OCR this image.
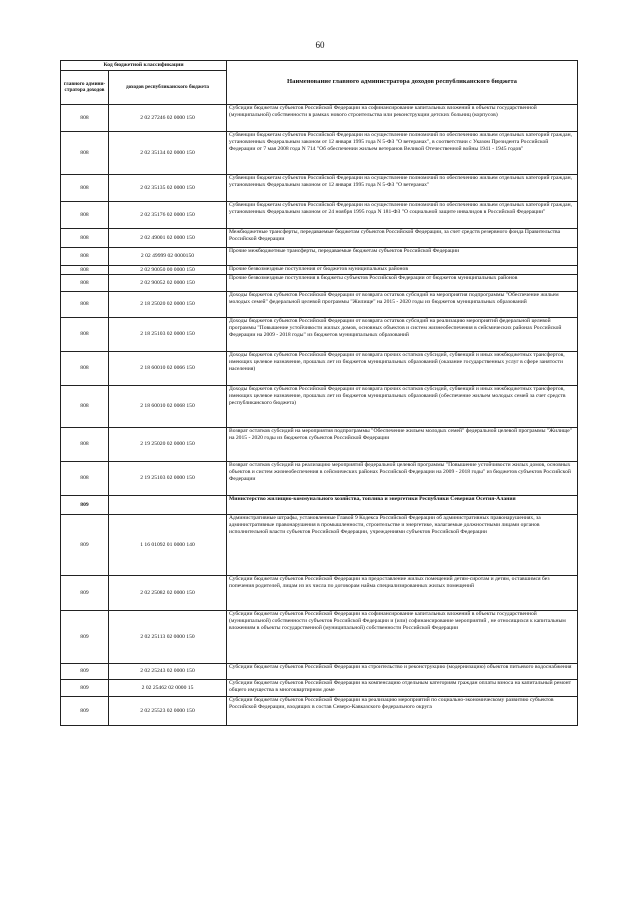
60
Код бюджетной классификации		Наименование главного администратора доходов республиканского бюджета
главного админи-стратора доходов	доходов республиканского бюджета	
808	2 02 27246 02 0000 150	Субсидии бюджетам субъектов Российской Федерации на софинансирование капитальных вложений в объекты государственной (муниципальной) собственности в рамках нового строительства или реконструкции детских больниц (корпусов)
808	2 02 35134 02 0000 150	Субвенции бюджетам субъектов Российской Федерации на осуществление полномочий по обеспечению жильем отдельных категорий граждан, установленных Федеральным законом от 12 января 1995 года N 5-ФЗ "О ветеранах", в соответствии с Указом Президента Российской Федерации от 7 мая 2008 года N 714 "Об обеспечении жильем ветеранов Великой Отечественной войны 1941 - 1945 годов"
808	2 02 35135 02 0000 150	Субвенции бюджетам субъектов Российской Федерации на осуществление полномочий по обеспечению жильем отдельных категорий граждан, установленных Федеральным законом от 12 января 1995 года N 5-ФЗ "О ветеранах"
808	2 02 35176 02 0000 150	Субвенции бюджетам субъектов Российской Федерации на осуществление полномочий по обеспечению жильем отдельных категорий граждан, установленных Федеральным законом от 24 ноября 1995 года N 181-ФЗ "О социальной защите инвалидов в Российской Федерации"
808	2 02 49001 02 0000 150	Межбюджетные трансферты, передаваемые бюджетам субъектов Российской Федерации, за счет средств резервного фонда Правительства Российской Федерации
808	2 02 49999 02 0000150	Прочие межбюджетные трансферты, передаваемые бюджетам субъектов Российской Федерации
808	2 02 90050 00 0000 150	Прочие безвозмездные поступления от бюджетов муниципальных районов
808	2 02 90052 02 0000 150	Прочие безвозмездные поступления в бюджеты субъектов Российской Федерации от бюджетов муниципальных районов
808	2 18 25020 02 0000 150	Доходы бюджетов субъектов Российской Федерации от возврата остатков субсидий на мероприятия подпрограммы "Обеспечение жильем молодых семей" федеральной целевой программы "Жилище" на 2015 - 2020 годы из бюджетов муниципальных образований
808	2 18 25103 02 0000 150	Доходы бюджетов субъектов Российской Федерации от возврата остатков субсидий на реализацию мероприятий федеральной целевой программы "Повышение устойчивости жилых домов, основных объектов и систем жизнеобеспечения в сейсмических районах Российской Федерации на 2009 - 2018 годы" из бюджетов муниципальных образований
808	2 18 60010 02 0066 150	Доходы бюджетов субъектов Российской Федерации от возврата прочих остатков субсидий, субвенций и иных межбюджетных трансфертов, имеющих целевое назначение, прошлых лет из бюджетов муниципальных образований (оказание государственных услуг в сфере занятости населения)
808	2 18 60010 02 0068 150	Доходы бюджетов субъектов Российской Федерации от возврата прочих остатков субсидий, субвенций и иных межбюджетных трансфертов, имеющих целевое назначение, прошлых лет из бюджетов муниципальных образований (обеспечение жильем молодых семей за счет средств республиканского бюджета)
808	2 19 25020 02 0000 150	Возврат остатков субсидий на мероприятия подпрограммы "Обеспечение жильем молодых семей" федеральной целевой программы "Жилище" на 2015 - 2020 годы из бюджетов субъектов Российской Федерации
808	2 19 25103 02 0000 150	Возврат остатков субсидий на реализацию мероприятий федеральной целевой программы "Повышение устойчивости жилых домов, основных объектов и систем жизнеобеспечения в сейсмических районах Российской Федерации на 2009 - 2018 годы" из бюджетов субъектов Российской Федерации
809		Министерство жилищно-коммунального хозяйства, топлива и энергетики Республики Северная Осетия-Алания
809	1 16 01092 01 0000 140	Административные штрафы, установленные Главой 9 Кодекса Российской Федерации об административных правонарушениях, за административные правонарушения в промышленности, строительстве и энергетике, налагаемые должностными лицами органов исполнительной власти субъектов Российской Федерации, учреждениями субъектов Российской Федерации
809	2 02 25082 02 0000 150	Субсидии бюджетам субъектов Российской Федерации на предоставление жилых помещений детям-сиротам и детям, оставшимся без попечения родителей, лицам из их числа по договорам найма специализированных жилых помещений
809	2 02 25113 02 0000 150	Субсидии бюджетам субъектов Российской Федерации на софинансирование капитальных вложений в объекты государственной (муниципальной) собственности субъектов Российской Федерации и (или) софинансирование мероприятий , не относящихся к капитальным вложениям в объекты государственной (муниципальной) собственности Российской Федерации
809	2 02 25243 02 0000 150	Субсидии бюджетам субъектов Российской Федерации на строительство и реконструкцию (модернизацию) объектов питьевого водоснабжения
809	2 02 25462 02 0000 15	Субсидии бюджетам субъектов Российской Федерации на компенсацию отдельным категориям граждан оплаты взноса на капитальный ремонт общего имущества в многоквартирном доме
809	2 02 25523 02 0000 150	Субсидии бюджетам субъектов Российской Федерации на реализацию мероприятий по социально-экономическому развитию субъектов Российской Федерации, входящих в состав Северо-Кавказского федерального округа
